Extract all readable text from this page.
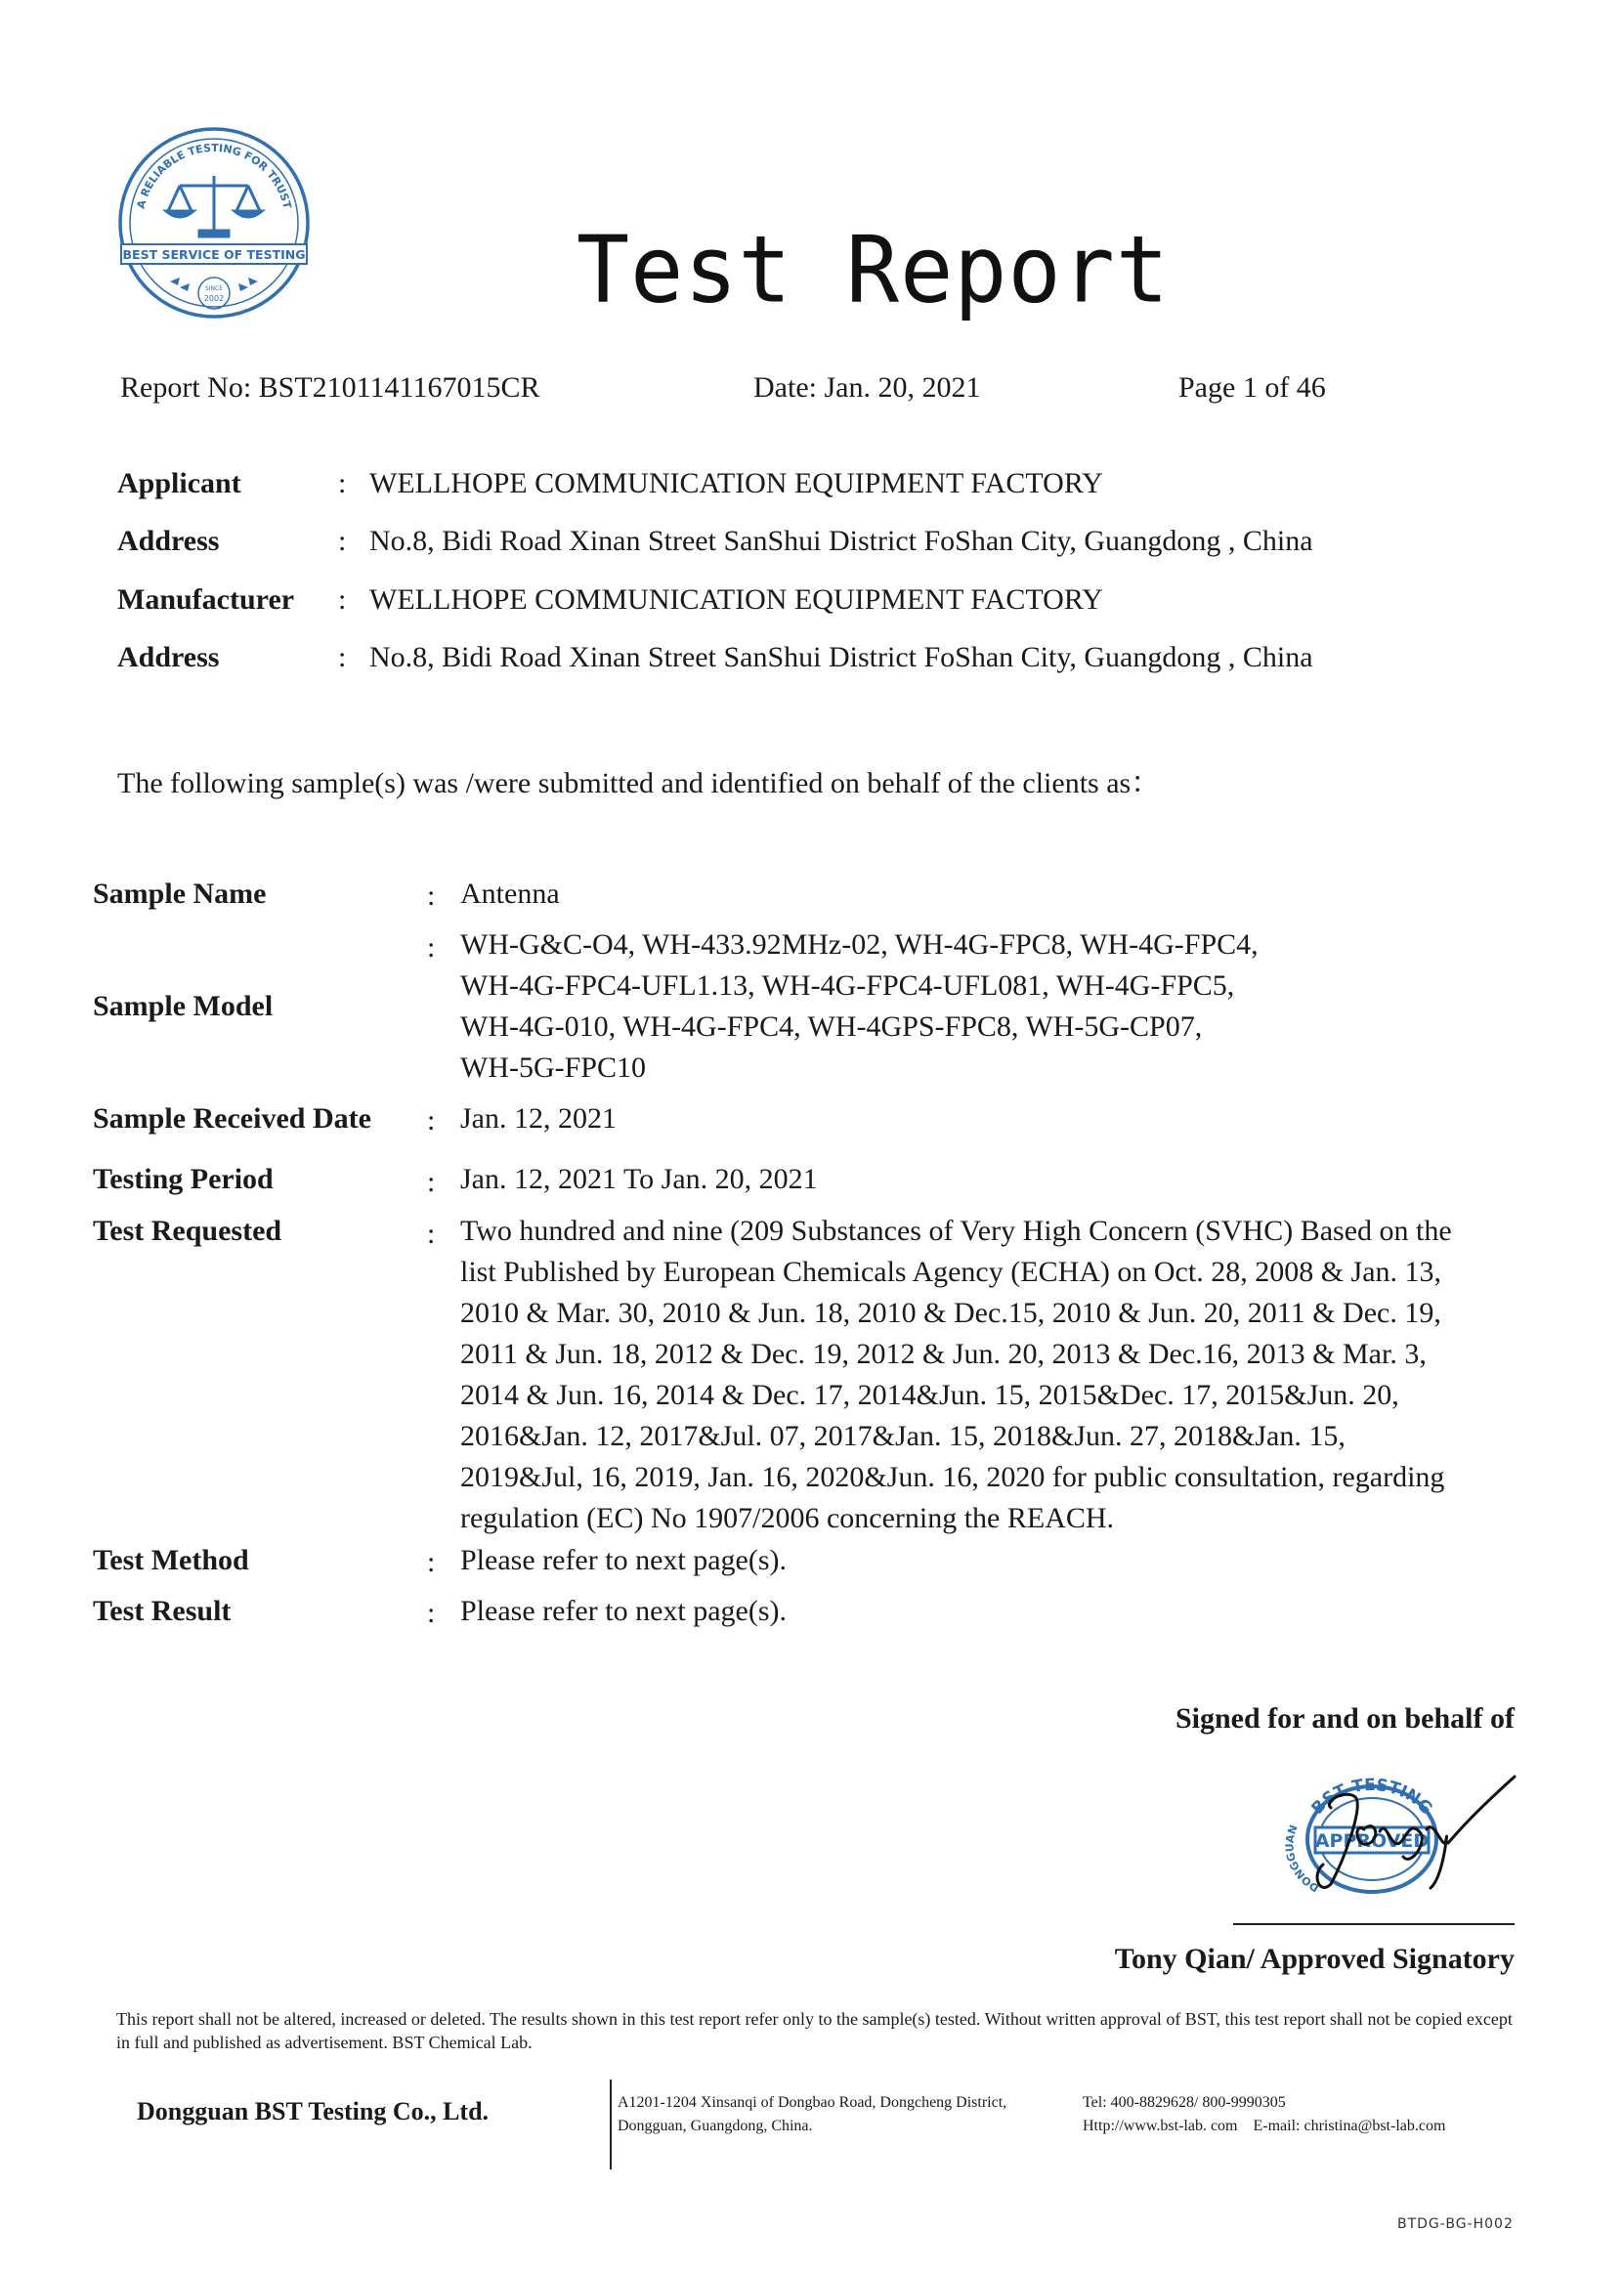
A RELIABLE TESTING FOR TRUST
BEST SERVICE OF TESTING
SINCE
2002	Test Report
Report No: BST2101141167015CR	Date: Jan. 20, 2021	Page 1 of 46
Applicant	: WELLHOPE COMMUNICATION EQUIPMENT FACTORY
Address	: No.8, Bidi Road Xinan Street SanShui District FoShan City, Guangdong , China
Manufacturer : WELLHOPE COMMUNICATION EQUIPMENT FACTORY
Address	: No.8, Bidi Road Xinan Street SanShui District FoShan City, Guangdong , China
The following sample(s) was /were submitted and identified on behalf of the clients as：
Sample Name	: Antenna
Sample Model
: WH-G&C-O4, WH-433.92MHz-02, WH-4G-FPC8, WH-4G-FPC4,
WH-4G-FPC4-UFL1.13, WH-4G-FPC4-UFL081, WH-4G-FPC5,
WH-4G-010, WH-4G-FPC4, WH-4GPS-FPC8, WH-5G-CP07,
WH-5G-FPC10
Sample Received Date : Jan. 12, 2021
Testing Period	: Jan. 12, 2021 To Jan. 20, 2021
Test Requested	: Two hundred and nine (209 Substances of Very High Concern (SVHC) Based on the
list Published by European Chemicals Agency (ECHA) on Oct. 28, 2008 & Jan. 13,
2010 & Mar. 30, 2010 & Jun. 18, 2010 & Dec.15, 2010 & Jun. 20, 2011 & Dec. 19,
2011 & Jun. 18, 2012 & Dec. 19, 2012 & Jun. 20, 2013 & Dec.16, 2013 & Mar. 3,
2014 & Jun. 16, 2014 & Dec. 17, 2014&Jun. 15, 2015&Dec. 17, 2015&Jun. 20,
2016&Jan. 12, 2017&Jul. 07, 2017&Jan. 15, 2018&Jun. 27, 2018&Jan. 15,
2019&Jul, 16, 2019, Jan. 16, 2020&Jun. 16, 2020 for public consultation, regarding
regulation (EC) No 1907/2006 concerning the REACH.
Test Method	: Please refer to next page(s).
Test Result	: Please refer to next page(s).
Signed for and on behalf of
BST TESTING
DONGGUAN
APPROVED
Tony Qian/ Approved Signatory
This report shall not be altered, increased or deleted. The results shown in this test report refer only to the sample(s) tested. Without written approval of BST, this test report shall not be copied except in full and published as advertisement. BST Chemical Lab.
Dongguan BST Testing Co., Ltd.	A1201-1204 Xinsanqi of Dongbao Road, Dongcheng District,
Dongguan, Guangdong, China.
Tel: 400-8829628/ 800-9990305
Http://www.bst-lab. com    E-mail: christina@bst-lab.com
BTDG-BG-H002
